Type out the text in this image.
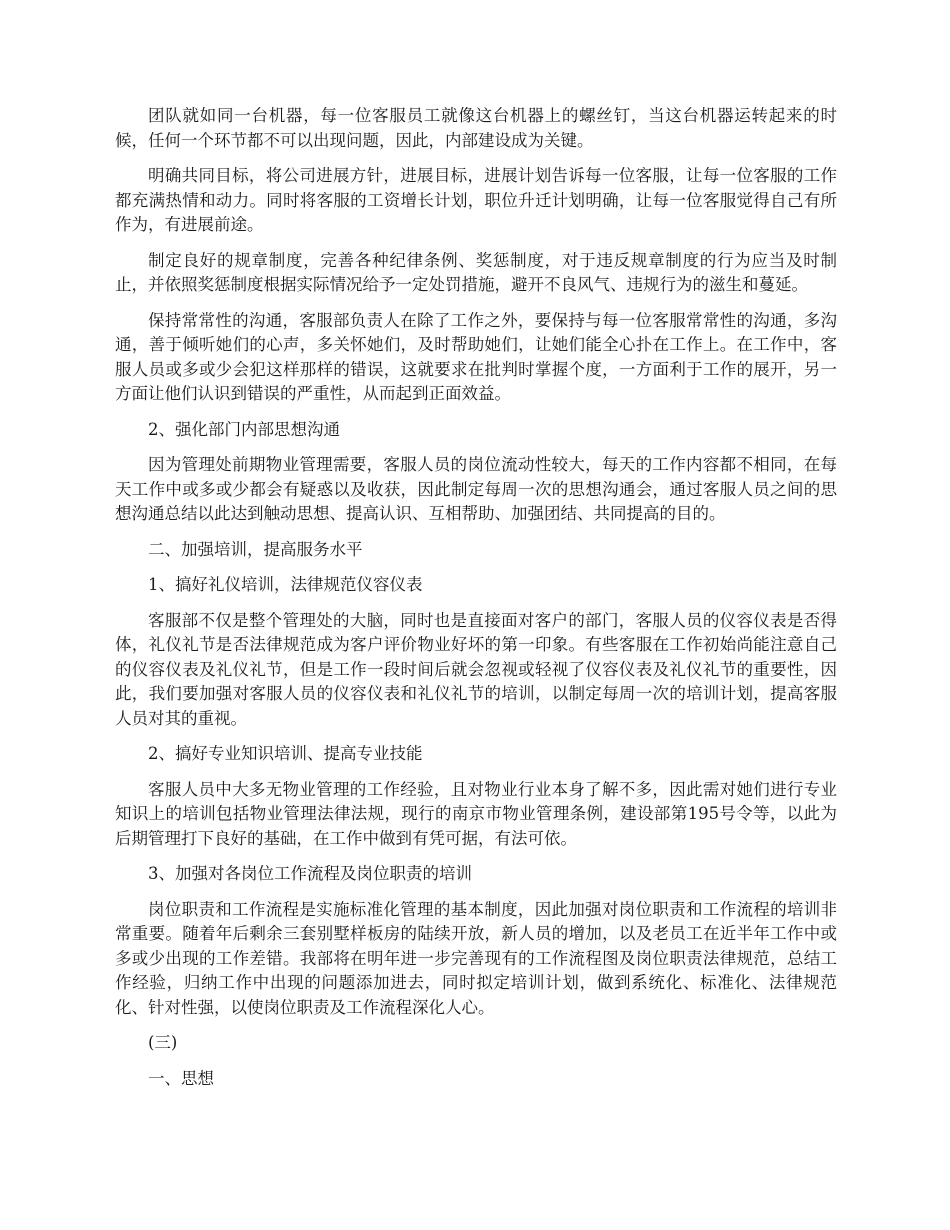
团队就如同一台机器，每一位客服员工就像这台机器上的螺丝钉，当这台机器运转起来的时候，任何一个环节都不可以出现问题，因此，内部建设成为关键。

明确共同目标，将公司进展方针，进展目标，进展计划告诉每一位客服，让每一位客服的工作都充满热情和动力。同时将客服的工资增长计划，职位升迁计划明确，让每一位客服觉得自己有所作为，有进展前途。

制定良好的规章制度，完善各种纪律条例、奖惩制度，对于违反规章制度的行为应当及时制止，并依照奖惩制度根据实际情况给予一定处罚措施，避开不良风气、违规行为的滋生和蔓延。

保持常常性的沟通，客服部负责人在除了工作之外，要保持与每一位客服常常性的沟通，多沟通，善于倾听她们的心声，多关怀她们，及时帮助她们，让她们能全心扑在工作上。在工作中，客服人员或多或少会犯这样那样的错误，这就要求在批判时掌握个度，一方面利于工作的展开，另一方面让他们认识到错误的严重性，从而起到正面效益。

2、强化部门内部思想沟通

因为管理处前期物业管理需要，客服人员的岗位流动性较大，每天的工作内容都不相同，在每天工作中或多或少都会有疑惑以及收获，因此制定每周一次的思想沟通会，通过客服人员之间的思想沟通总结以此达到触动思想、提高认识、互相帮助、加强团结、共同提高的目的。

二、加强培训，提高服务水平

1、搞好礼仪培训，法律规范仪容仪表

客服部不仅是整个管理处的大脑，同时也是直接面对客户的部门，客服人员的仪容仪表是否得体，礼仪礼节是否法律规范成为客户评价物业好坏的第一印象。有些客服在工作初始尚能注意自己的仪容仪表及礼仪礼节，但是工作一段时间后就会忽视或轻视了仪容仪表及礼仪礼节的重要性，因此，我们要加强对客服人员的仪容仪表和礼仪礼节的培训，以制定每周一次的培训计划，提高客服人员对其的重视。

2、搞好专业知识培训、提高专业技能

客服人员中大多无物业管理的工作经验，且对物业行业本身了解不多，因此需对她们进行专业知识上的培训包括物业管理法律法规，现行的南京市物业管理条例，建设部第195号令等，以此为后期管理打下良好的基础，在工作中做到有凭可据，有法可依。

3、加强对各岗位工作流程及岗位职责的培训

岗位职责和工作流程是实施标准化管理的基本制度，因此加强对岗位职责和工作流程的培训非常重要。随着年后剩余三套别墅样板房的陆续开放，新人员的增加，以及老员工在近半年工作中或多或少出现的工作差错。我部将在明年进一步完善现有的工作流程图及岗位职责法律规范，总结工作经验，归纳工作中出现的问题添加进去，同时拟定培训计划，做到系统化、标准化、法律规范化、针对性强，以使岗位职责及工作流程深化人心。

(三)

一、思想
